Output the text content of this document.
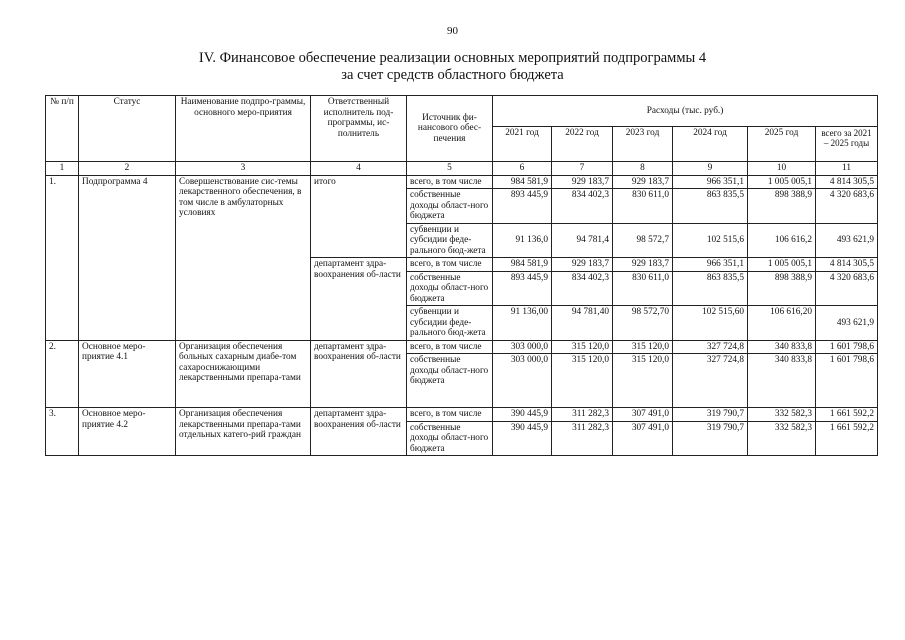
90
IV. Финансовое обеспечение реализации основных мероприятий подпрограммы 4
за счет средств областного бюджета
№ п/п	Статус	Наименование подпро-граммы, основного меро-приятия	Ответственный исполнитель под-программы, ис-полнитель	Источник фи-нансового обес-печения	Расходы (тыс. руб.)					
					2021 год	2022 год	2023 год	2024 год	2025 год	всего за 2021 – 2025 годы
1	2	3	4	5	6	7	8	9	10	11
1.	Подпрограмма 4	Совершенствование сис-темы лекарственного обеспечения, в том числе в амбулаторных условиях	итого	всего, в том числе	984 581,9	929 183,7	929 183,7	966 351,1	1 005 005,1	4 814 305,5
				собственные доходы област-ного бюджета	893 445,9	834 402,3	830 611,0	863 835,5	898 388,9	4 320 683,6
				субвенции и субсидии феде-рального бюд-жета	91 136,0	94 781,4	98 572,7	102 515,6	106 616,2	493 621,9
			департамент здра-воохранения об-ласти	всего, в том числе	984 581,9	929 183,7	929 183,7	966 351,1	1 005 005,1	4 814 305,5
				собственные доходы област-ного бюджета	893 445,9	834 402,3	830 611,0	863 835,5	898 388,9	4 320 683,6
				субвенции и субсидии феде-рального бюд-жета	91 136,00	94 781,40	98 572,70	102 515,60	106 616,20	493 621,9
2.	Основное меро-приятие 4.1	Организация обеспечения больных сахарным диабе-том сахароснижающими лекарственными препара-тами	департамент здра-воохранения об-ласти	всего, в том числе	303 000,0	315 120,0	315 120,0	327 724,8	340 833,8	1 601 798,6
				собственные доходы област-ного бюджета	303 000,0	315 120,0	315 120,0	327 724,8	340 833,8	1 601 798,6
3.	Основное меро-приятие 4.2	Организация обеспечения лекарственными препара-тами отдельных катего-рий граждан	департамент здра-воохранения об-ласти	всего, в том числе	390 445,9	311 282,3	307 491,0	319 790,7	332 582,3	1 661 592,2
				собственные доходы област-ного бюджета	390 445,9	311 282,3	307 491,0	319 790,7	332 582,3	1 661 592,2
